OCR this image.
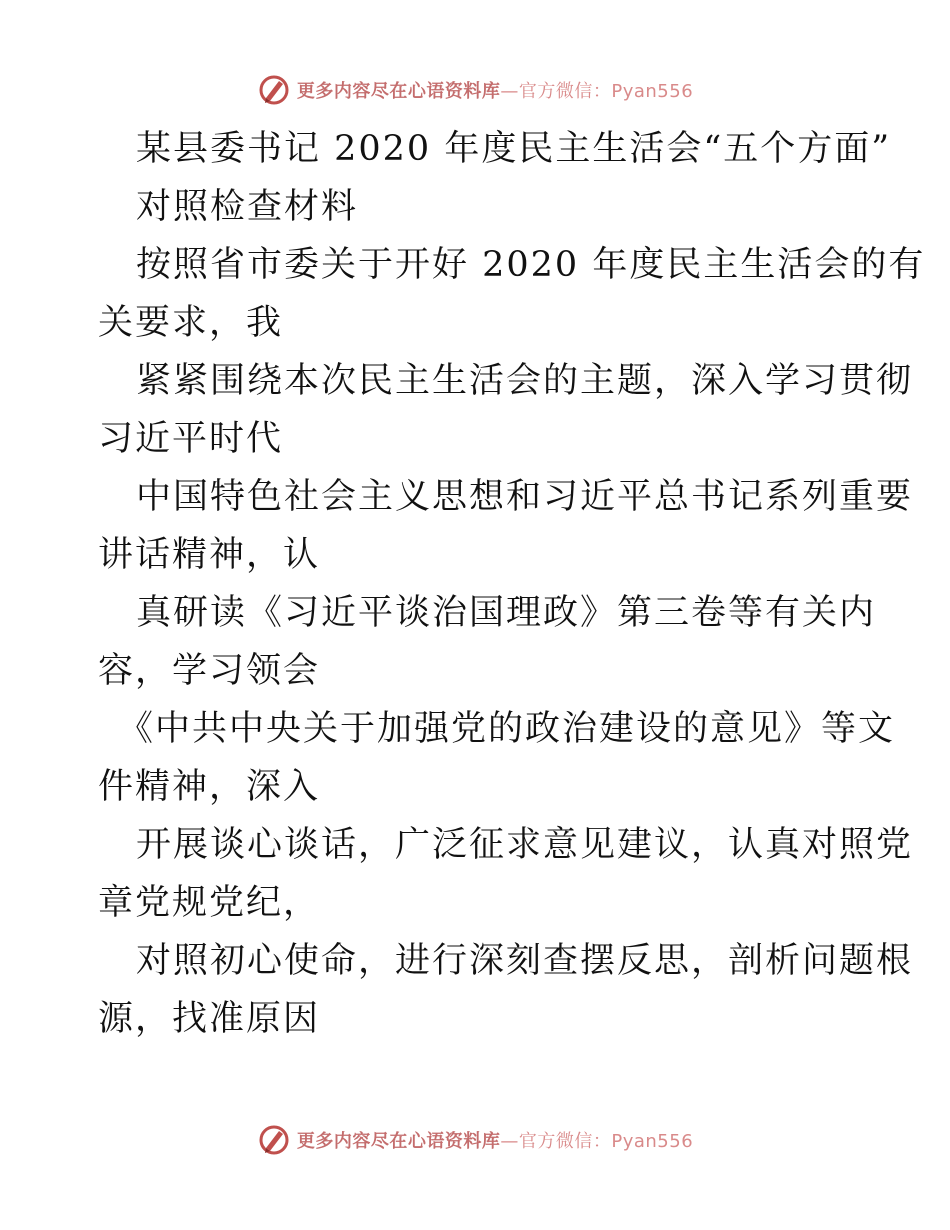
更多内容尽在心语资料库—官方微信：Pyan556
某县委书记 2020 年度民主生活会“五个方面”
对照检查材料
按照省市委关于开好 2020 年度民主生活会的有
关要求，我
紧紧围绕本次民主生活会的主题，深入学习贯彻
习近平时代
中国特色社会主义思想和习近平总书记系列重要
讲话精神，认
真研读《习近平谈治国理政》第三卷等有关内
容，学习领会
《中共中央关于加强党的政治建设的意见》等文
件精神，深入
开展谈心谈话，广泛征求意见建议，认真对照党
章党规党纪，
对照初心使命，进行深刻查摆反思，剖析问题根
源，找准原因
更多内容尽在心语资料库—官方微信：Pyan556
